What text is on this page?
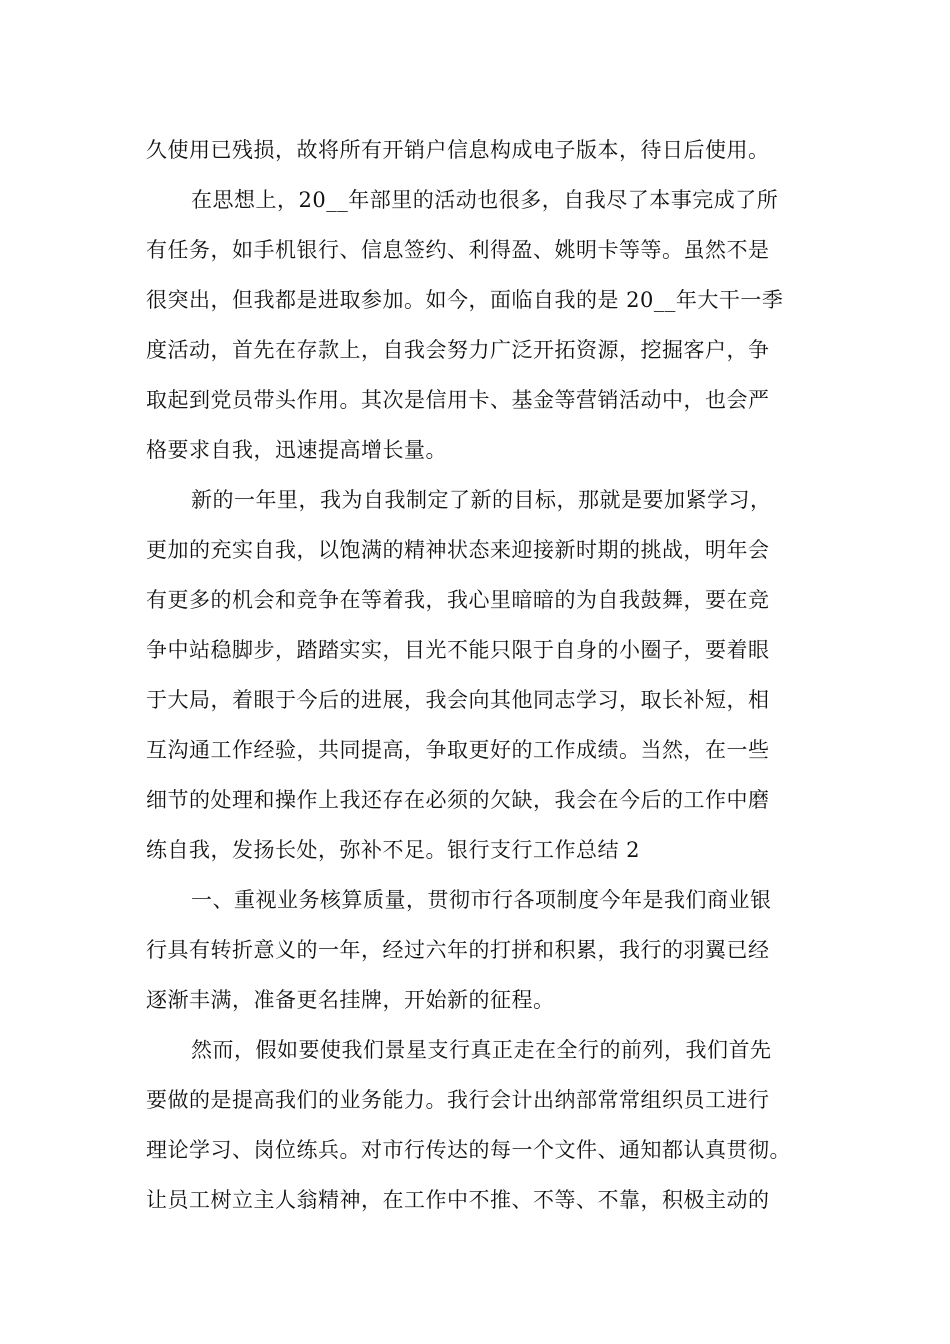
久使用已残损，故将所有开销户信息构成电子版本，待日后使用。
在思想上，20__年部里的活动也很多，自我尽了本事完成了所
有任务，如手机银行、信息签约、利得盈、姚明卡等等。虽然不是
很突出，但我都是进取参加。如今，面临自我的是 20__年大干一季
度活动，首先在存款上，自我会努力广泛开拓资源，挖掘客户，争
取起到党员带头作用。其次是信用卡、基金等营销活动中，也会严
格要求自我，迅速提高增长量。
新的一年里，我为自我制定了新的目标，那就是要加紧学习，
更加的充实自我，以饱满的精神状态来迎接新时期的挑战，明年会
有更多的机会和竞争在等着我，我心里暗暗的为自我鼓舞，要在竞
争中站稳脚步，踏踏实实，目光不能只限于自身的小圈子，要着眼
于大局，着眼于今后的进展，我会向其他同志学习，取长补短，相
互沟通工作经验，共同提高，争取更好的工作成绩。当然，在一些
细节的处理和操作上我还存在必须的欠缺，我会在今后的工作中磨
练自我，发扬长处，弥补不足。银行支行工作总结 2
一、重视业务核算质量，贯彻市行各项制度今年是我们商业银
行具有转折意义的一年，经过六年的打拼和积累，我行的羽翼已经
逐渐丰满，准备更名挂牌，开始新的征程。
然而，假如要使我们景星支行真正走在全行的前列，我们首先
要做的是提高我们的业务能力。我行会计出纳部常常组织员工进行
理论学习、岗位练兵。对市行传达的每一个文件、通知都认真贯彻。
让员工树立主人翁精神，在工作中不推、不等、不靠，积极主动的
